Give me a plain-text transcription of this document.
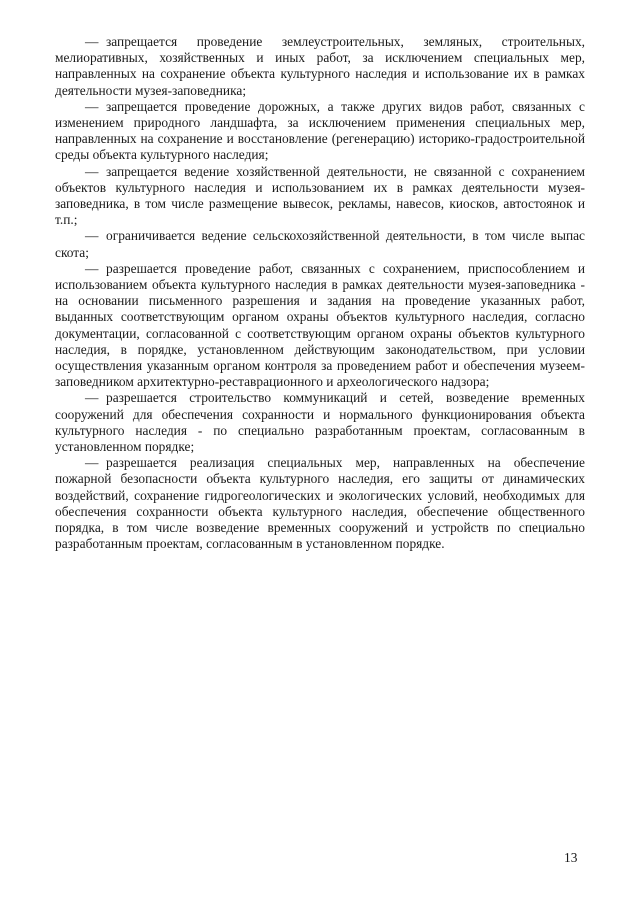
— запрещается проведение землеустроительных, земляных, строительных, мелиоративных, хозяйственных и иных работ, за исключением специальных мер, направленных на сохранение объекта культурного наследия и использование их в рамках деятельности музея-заповедника;

— запрещается проведение дорожных, а также других видов работ, связанных с изменением природного ландшафта, за исключением применения специальных мер, направленных на сохранение и восстановление (регенерацию) историко-градостроительной среды объекта культурного наследия;

— запрещается ведение хозяйственной деятельности, не связанной с сохранением объектов культурного наследия и использованием их в рамках деятельности музея-заповедника, в том числе размещение вывесок, рекламы, навесов, киосков, автостоянок и т.п.;

— ограничивается ведение сельскохозяйственной деятельности, в том числе выпас скота;

— разрешается проведение работ, связанных с сохранением, приспособлением и использованием объекта культурного наследия в рамках деятельности музея-заповедника - на основании письменного разрешения и задания на проведение указанных работ, выданных соответствующим органом охраны объектов культурного наследия, согласно документации, согласованной с соответствующим органом охраны объектов культурного наследия, в порядке, установленном действующим законодательством, при условии осуществления указанным органом контроля за проведением работ и обеспечения музеем-заповедником архитектурно-реставрационного и археологического надзора;

— разрешается строительство коммуникаций и сетей, возведение временных сооружений для обеспечения сохранности и нормального функционирования объекта культурного наследия - по специально разработанным проектам, согласованным в установленном порядке;

— разрешается реализация специальных мер, направленных на обеспечение пожарной безопасности объекта культурного наследия, его защиты от динамических воздействий, сохранение гидрогеологических и экологических условий, необходимых для обеспечения сохранности объекта культурного наследия, обеспечение общественного порядка, в том числе возведение временных сооружений и устройств по специально разработанным проектам, согласованным в установленном порядке.

13
